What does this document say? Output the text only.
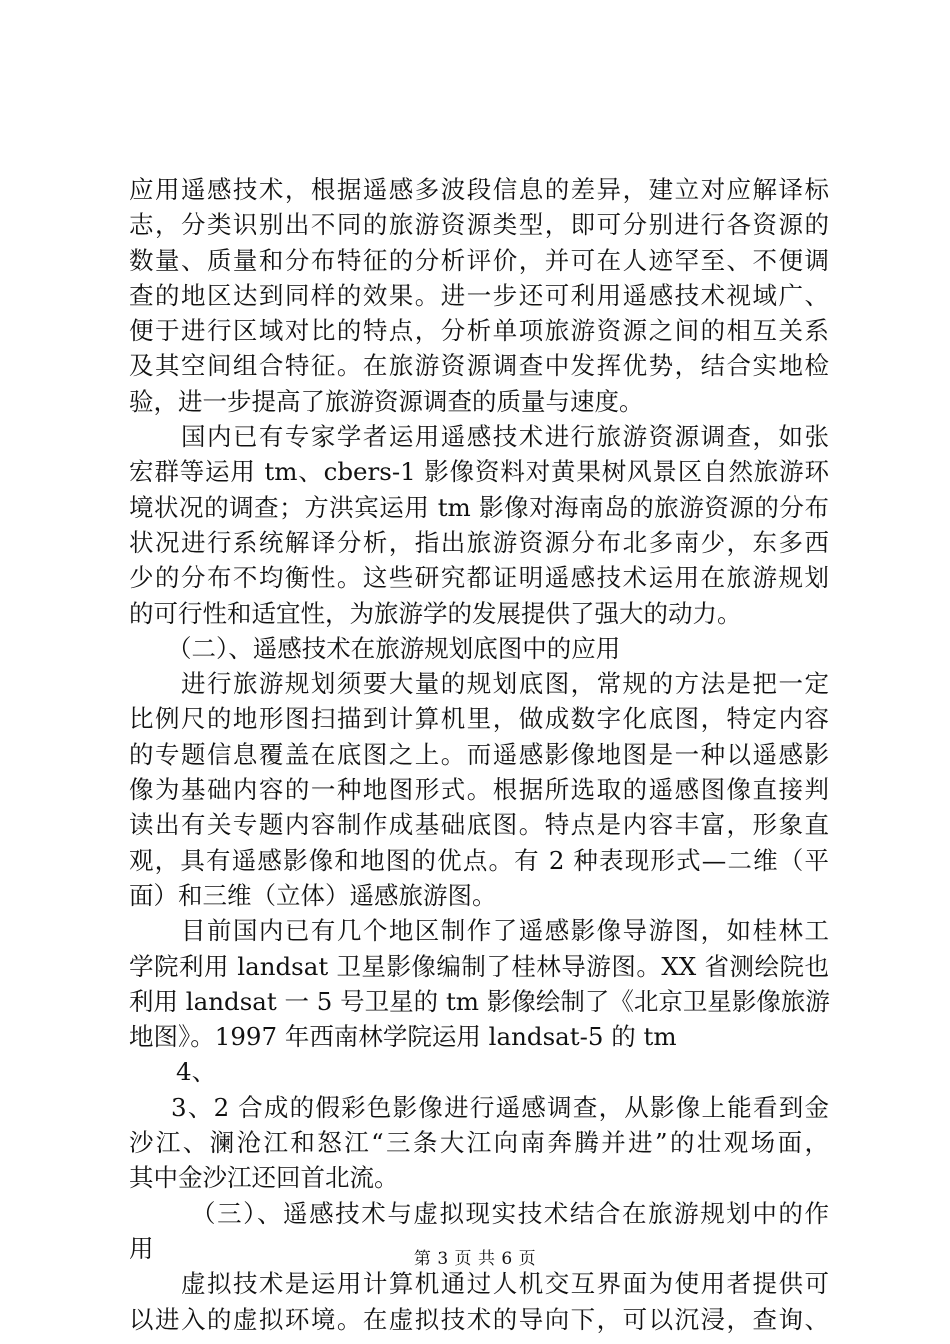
应用遥感技术，根据遥感多波段信息的差异，建立对应解译标
志，分类识别出不同的旅游资源类型，即可分别进行各资源的
数量、质量和分布特征的分析评价，并可在人迹罕至、不便调
查的地区达到同样的效果。进一步还可利用遥感技术视域广、
便于进行区域对比的特点，分析单项旅游资源之间的相互关系
及其空间组合特征。在旅游资源调查中发挥优势，结合实地检
验，进一步提高了旅游资源调查的质量与速度。
国内已有专家学者运用遥感技术进行旅游资源调查，如张
宏群等运用 tm、cbers-1 影像资料对黄果树风景区自然旅游环
境状况的调查；方洪宾运用 tm 影像对海南岛的旅游资源的分布
状况进行系统解译分析，指出旅游资源分布北多南少，东多西
少的分布不均衡性。这些研究都证明遥感技术运用在旅游规划
的可行性和适宜性，为旅游学的发展提供了强大的动力。
（二）、遥感技术在旅游规划底图中的应用
进行旅游规划须要大量的规划底图，常规的方法是把一定
比例尺的地形图扫描到计算机里，做成数字化底图，特定内容
的专题信息覆盖在底图之上。而遥感影像地图是一种以遥感影
像为基础内容的一种地图形式。根据所选取的遥感图像直接判
读出有关专题内容制作成基础底图。特点是内容丰富，形象直
观，具有遥感影像和地图的优点。有 2 种表现形式—二维（平
面）和三维（立体）遥感旅游图。
目前国内已有几个地区制作了遥感影像导游图，如桂林工
学院利用 landsat 卫星影像编制了桂林导游图。XX 省测绘院也
利用 landsat 一 5 号卫星的 tm 影像绘制了《北京卫星影像旅游
地图》。1997 年西南林学院运用 landsat-5 的 tm
4、
3、2 合成的假彩色影像进行遥感调查，从影像上能看到金
沙江、澜沧江和怒江“三条大江向南奔腾并进”的壮观场面，
其中金沙江还回首北流。
（三）、遥感技术与虚拟现实技术结合在旅游规划中的作
用
虚拟技术是运用计算机通过人机交互界面为使用者提供可
以进入的虚拟环境。在虚拟技术的导向下，可以沉浸，查询、
第 3 页 共 6 页
